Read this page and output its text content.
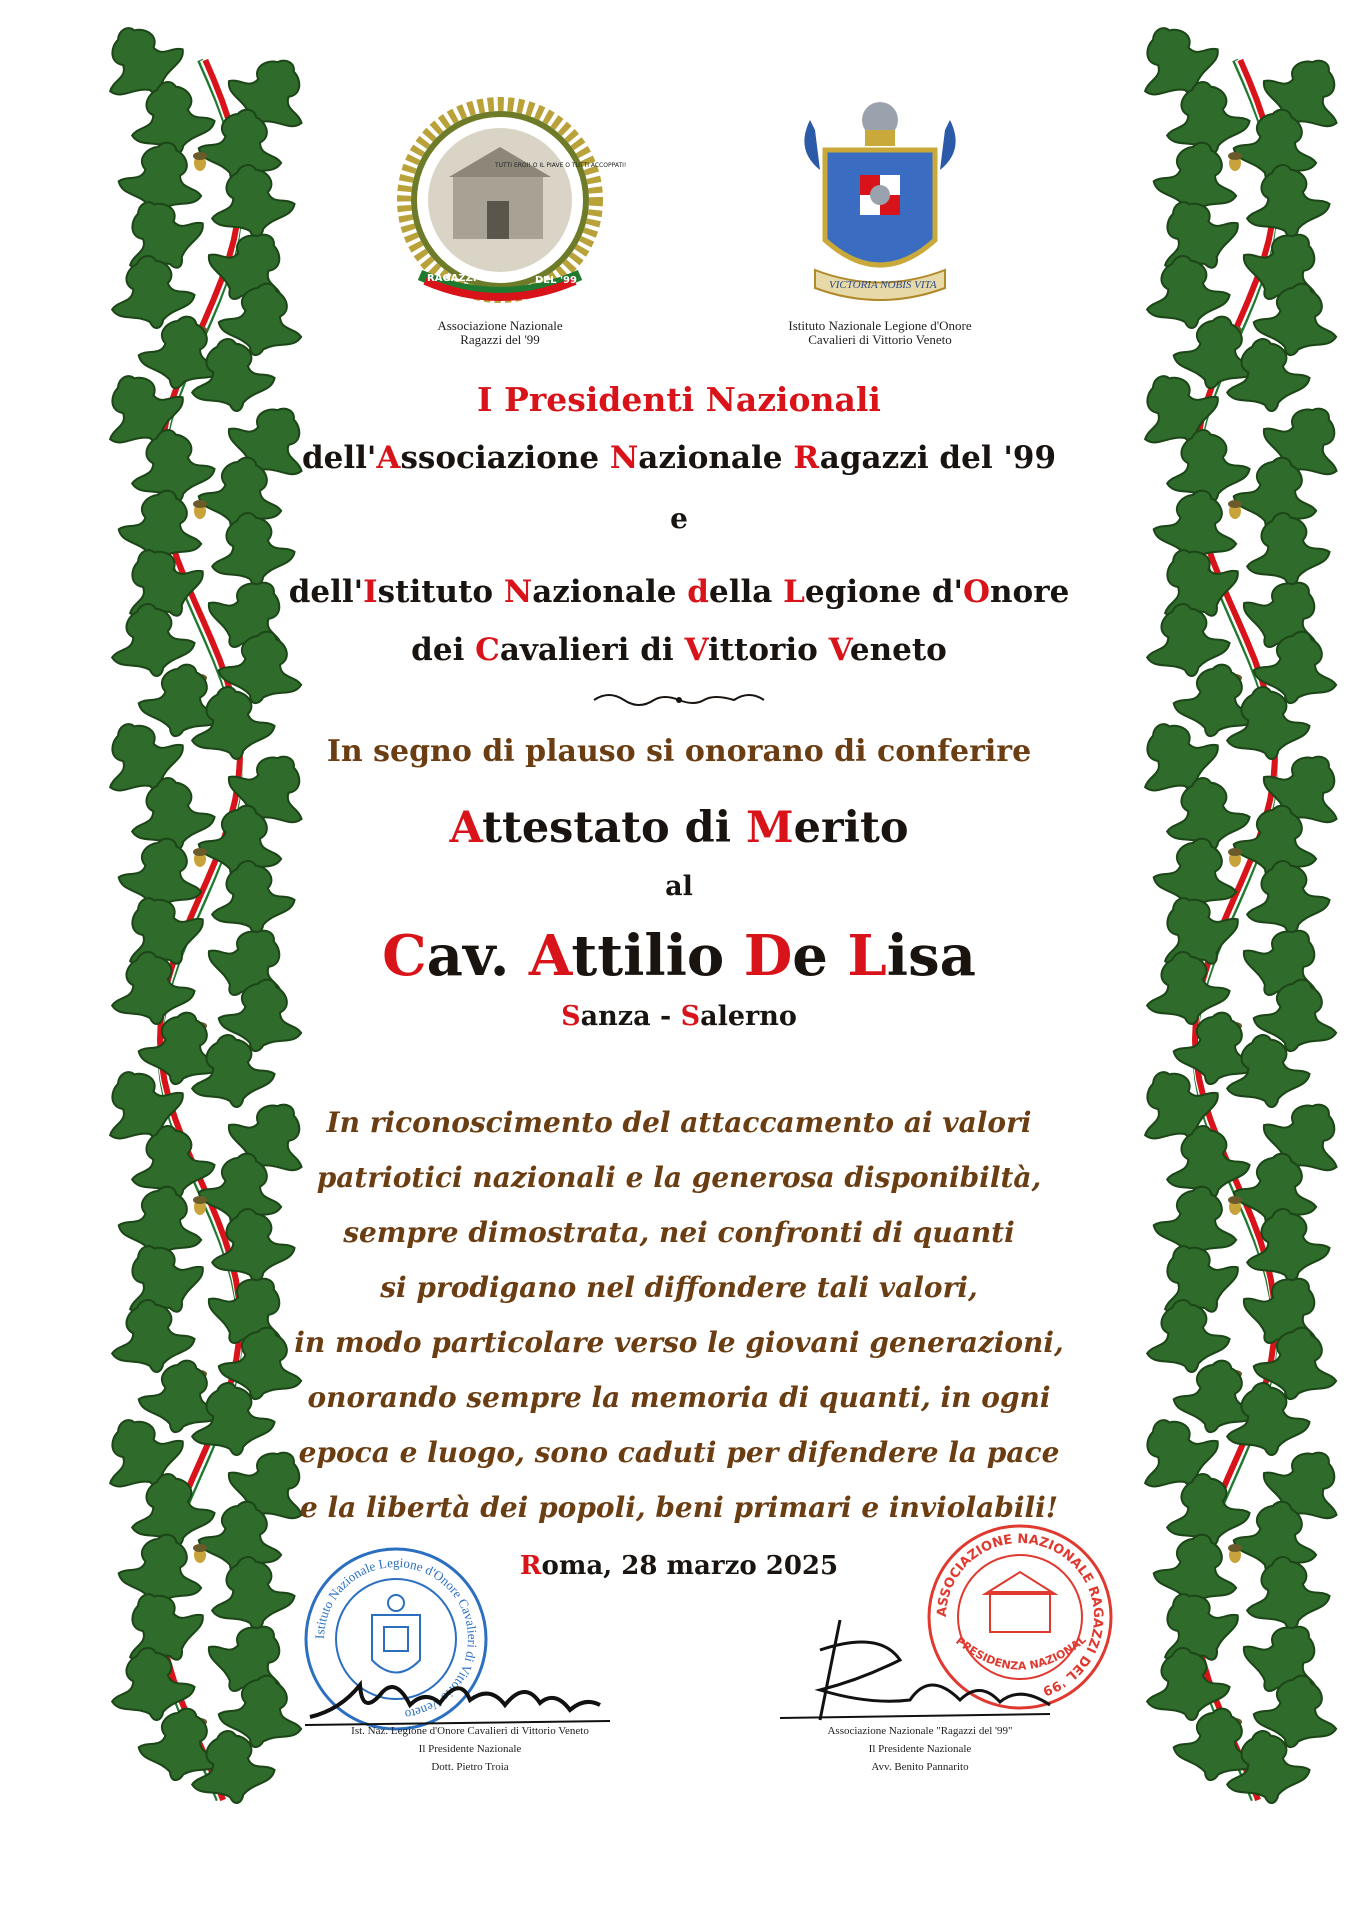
TUTTI EROI! O IL PIAVE O TUTTI ACCOPPATI!
RAGAZZI	DEL '99
Associazione Nazionale
Ragazzi del '99
VICTORIA NOBIS VITA
Istituto Nazionale Legione d'Onore
Cavalieri di Vittorio Veneto

I Presidenti Nazionali

dell'Associazione Nazionale Ragazzi del '99

e

dell'Istituto Nazionale della Legione d'Onore

dei Cavalieri di Vittorio Veneto

In segno di plauso si onorano di conferire

Attestato di Merito

al

Cav. Attilio De Lisa

Sanza - Salerno

In riconoscimento del attaccamento ai valori
patriotici nazionali e la generosa disponibiltà,
sempre dimostrata, nei confronti di quanti
si prodigano nel diffondere tali valori,
in modo particolare verso le giovani generazioni,
onorando sempre la memoria di quanti, in ogni
epoca e luogo, sono caduti per difendere la pace
e la libertà dei popoli, beni primari e inviolabili!
Roma, 28 marzo 2025
Istituto Nazionale Legione d'Onore Cavalieri di Vittorio Veneto
ASSOCIAZIONE NAZIONALE RAGAZZI DEL '99
PRESIDENZA NAZIONAL
Ist. Naz. Legione d'Onore Cavalieri di Vittorio Veneto
Il Presidente Nazionale
Dott. Pietro Troia
Associazione Nazionale "Ragazzi del '99"
Il Presidente Nazionale
Avv. Benito Pannarito
